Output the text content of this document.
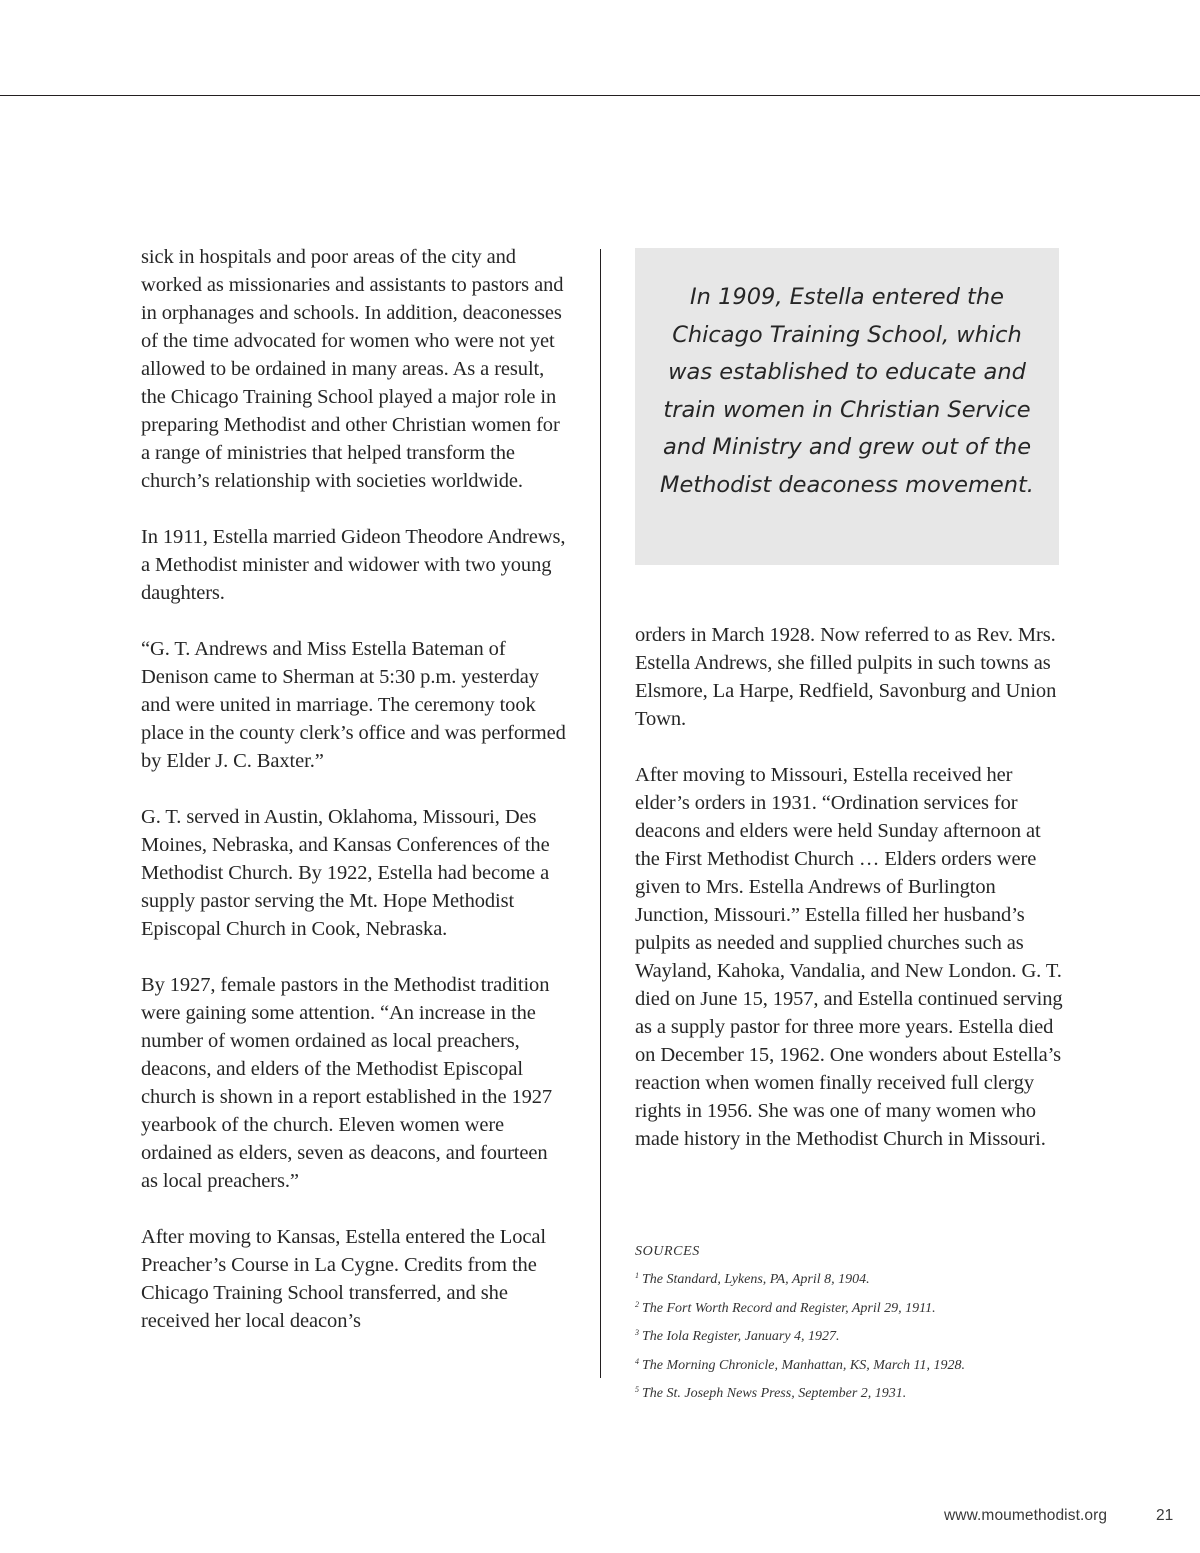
sick in hospitals and poor areas of the city and worked as missionaries and assistants to pastors and in orphanages and schools. In addition, deaconesses of the time advocated for women who were not yet allowed to be ordained in many areas. As a result, the Chicago Training School played a major role in preparing Methodist and other Christian women for a range of ministries that helped transform the church’s relationship with societies worldwide.

In 1911, Estella married Gideon Theodore Andrews, a Methodist minister and widower with two young daughters.

“G. T. Andrews and Miss Estella Bateman of Denison came to Sherman at 5:30 p.m. yesterday and were united in marriage. The ceremony took place in the county clerk’s office and was performed by Elder J. C. Baxter.”

G. T. served in Austin, Oklahoma, Missouri, Des Moines, Nebraska, and Kansas Conferences of the Methodist Church. By 1922, Estella had become a supply pastor serving the Mt. Hope Methodist Episcopal Church in Cook, Nebraska.

By 1927, female pastors in the Methodist tradition were gaining some attention. “An increase in the number of women ordained as local preachers, deacons, and elders of the Methodist Episcopal church is shown in a report established in the 1927 yearbook of the church. Eleven women were ordained as elders, seven as deacons, and fourteen as local preachers.”

After moving to Kansas, Estella entered the Local Preacher’s Course in La Cygne. Credits from the Chicago Training School transferred, and she received her local deacon’s

In 1909, Estella entered the Chicago Training School, which was established to educate and train women in Christian Service and Ministry and grew out of the Methodist deaconess movement.

orders in March 1928. Now referred to as Rev. Mrs. Estella Andrews, she filled pulpits in such towns as Elsmore, La Harpe, Redfield, Savonburg and Union Town.

After moving to Missouri, Estella received her elder’s orders in 1931. “Ordination services for deacons and elders were held Sunday afternoon at the First Methodist Church … Elders orders were given to Mrs. Estella Andrews of Burlington Junction, Missouri.” Estella filled her husband’s pulpits as needed and supplied churches such as Wayland, Kahoka, Vandalia, and New London. G. T. died on June 15, 1957, and Estella continued serving as a supply pastor for three more years. Estella died on December 15, 1962. One wonders about Estella’s reaction when women finally received full clergy rights in 1956. She was one of many women who made history in the Methodist Church in Missouri.

SOURCES
$^1$ The Standard, Lykens, PA, April 8, 1904.
$^2$ The Fort Worth Record and Register, April 29, 1911.
$^3$ The Iola Register, January 4, 1927.
$^4$ The Morning Chronicle, Manhattan, KS, March 11, 1928.
$^5$ The St. Joseph News Press, September 2, 1931.
www.moumethodist.org	21
